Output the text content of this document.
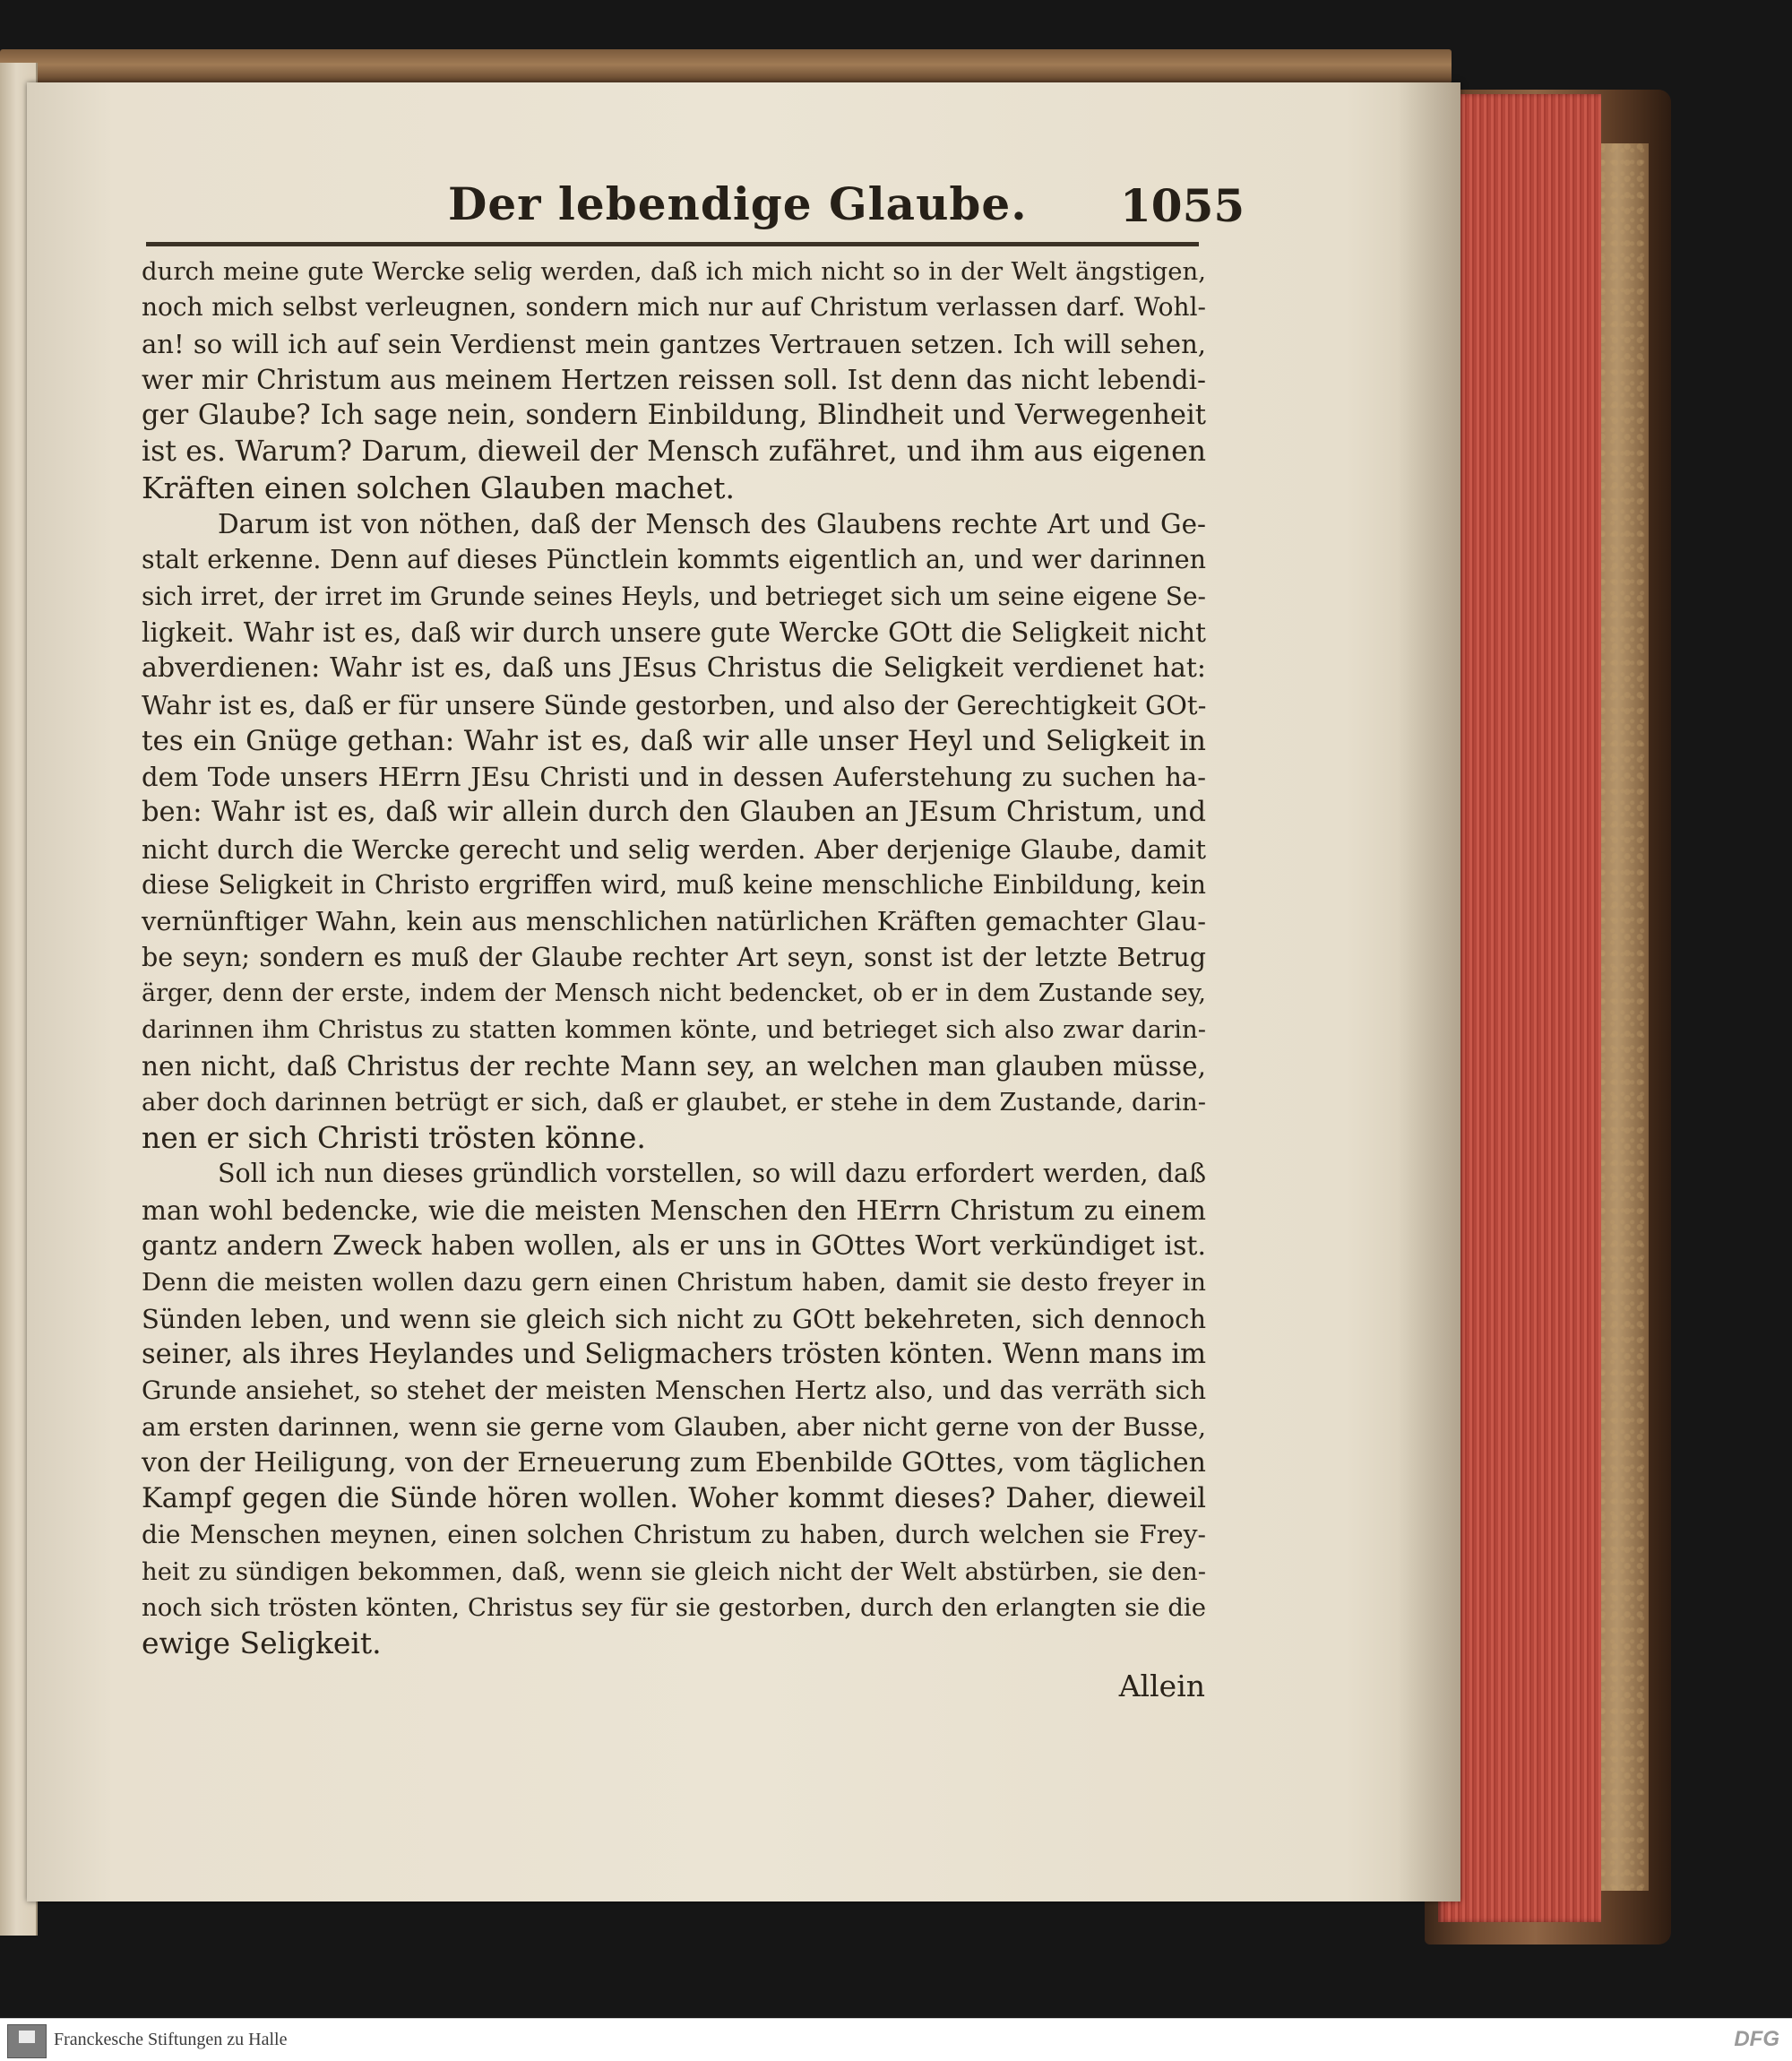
Der lebendige Glaube. 1055
durch meine gute Wercke selig werden, daß ich mich nicht so in der Welt ängstigen,
noch mich selbst verleugnen, sondern mich nur auf Christum verlassen darf. Wohl-
an! so will ich auf sein Verdienst mein gantzes Vertrauen setzen. Ich will sehen,
wer mir Christum aus meinem Hertzen reissen soll. Ist denn das nicht lebendi-
ger Glaube? Ich sage nein, sondern Einbildung, Blindheit und Verwegenheit
ist es. Warum? Darum, dieweil der Mensch zufähret, und ihm aus eigenen
Kräften einen solchen Glauben machet.
Darum ist von nöthen, daß der Mensch des Glaubens rechte Art und Ge-
stalt erkenne. Denn auf dieses Pünctlein kommts eigentlich an, und wer darinnen
sich irret, der irret im Grunde seines Heyls, und betrieget sich um seine eigene Se-
ligkeit. Wahr ist es, daß wir durch unsere gute Wercke GOtt die Seligkeit nicht
abverdienen: Wahr ist es, daß uns JEsus Christus die Seligkeit verdienet hat:
Wahr ist es, daß er für unsere Sünde gestorben, und also der Gerechtigkeit GOt-
tes ein Gnüge gethan: Wahr ist es, daß wir alle unser Heyl und Seligkeit in
dem Tode unsers HErrn JEsu Christi und in dessen Auferstehung zu suchen ha-
ben: Wahr ist es, daß wir allein durch den Glauben an JEsum Christum, und
nicht durch die Wercke gerecht und selig werden. Aber derjenige Glaube, damit
diese Seligkeit in Christo ergriffen wird, muß keine menschliche Einbildung, kein
vernünftiger Wahn, kein aus menschlichen natürlichen Kräften gemachter Glau-
be seyn; sondern es muß der Glaube rechter Art seyn, sonst ist der letzte Betrug
ärger, denn der erste, indem der Mensch nicht bedencket, ob er in dem Zustande sey,
darinnen ihm Christus zu statten kommen könte, und betrieget sich also zwar darin-
nen nicht, daß Christus der rechte Mann sey, an welchen man glauben müsse,
aber doch darinnen betrügt er sich, daß er glaubet, er stehe in dem Zustande, darin-
nen er sich Christi trösten könne.
Soll ich nun dieses gründlich vorstellen, so will dazu erfordert werden, daß
man wohl bedencke, wie die meisten Menschen den HErrn Christum zu einem
gantz andern Zweck haben wollen, als er uns in GOttes Wort verkündiget ist.
Denn die meisten wollen dazu gern einen Christum haben, damit sie desto freyer in
Sünden leben, und wenn sie gleich sich nicht zu GOtt bekehreten, sich dennoch
seiner, als ihres Heylandes und Seligmachers trösten könten. Wenn mans im
Grunde ansiehet, so stehet der meisten Menschen Hertz also, und das verräth sich
am ersten darinnen, wenn sie gerne vom Glauben, aber nicht gerne von der Busse,
von der Heiligung, von der Erneuerung zum Ebenbilde GOttes, vom täglichen
Kampf gegen die Sünde hören wollen. Woher kommt dieses? Daher, dieweil
die Menschen meynen, einen solchen Christum zu haben, durch welchen sie Frey-
heit zu sündigen bekommen, daß, wenn sie gleich nicht der Welt abstürben, sie den-
noch sich trösten könten, Christus sey für sie gestorben, durch den erlangten sie die
ewige Seligkeit.
Allein
Franckesche Stiftungen zu Halle	DFG
